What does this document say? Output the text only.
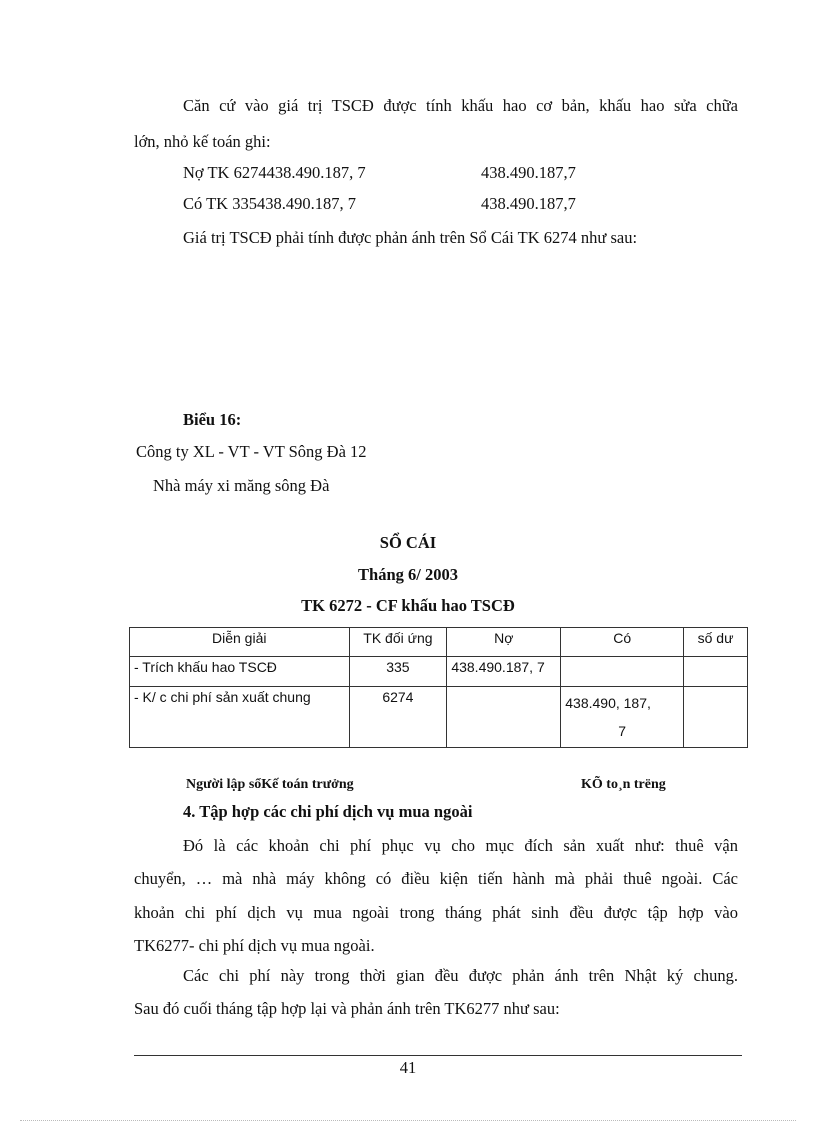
Căn cứ vào giá trị TSCĐ được tính khấu hao cơ bản, khấu hao sửa chữa
lớn, nhỏ kế toán ghi:
Nợ TK 6274438.490.187, 7	438.490.187,7
Có TK 335438.490.187, 7	438.490.187,7
Giá trị TSCĐ phải tính được phản ánh trên Sổ Cái TK 6274 như sau:
Biểu 16:
Công ty XL - VT - VT Sông Đà 12
Nhà máy xi măng sông Đà
SỔ CÁI
Tháng 6/ 2003
TK 6272 - CF khấu hao TSCĐ
Diễn giải	TK đối ứng	Nợ	Có	số dư
- Trích khấu hao TSCĐ	335	438.490.187, 7		
- K/ c chi phí sản xuất chung	6274		438.490, 187,
7	

Người lập sổKế toán trưởng	KÕ to¸n trëng
4. Tập hợp các chi phí dịch vụ mua ngoài
Đó là các khoản chi phí phục vụ cho mục đích sản xuất như: thuê vận
chuyển, … mà nhà máy không có điều kiện tiến hành mà phải thuê ngoài. Các
khoản chi phí dịch vụ mua ngoài trong tháng phát sinh đều được tập hợp vào
TK6277- chi phí dịch vụ mua ngoài.
Các chi phí này trong thời gian đều được phản ánh trên Nhật ký chung.
Sau đó cuối tháng tập hợp lại và phản ánh trên TK6277 như sau:
41
